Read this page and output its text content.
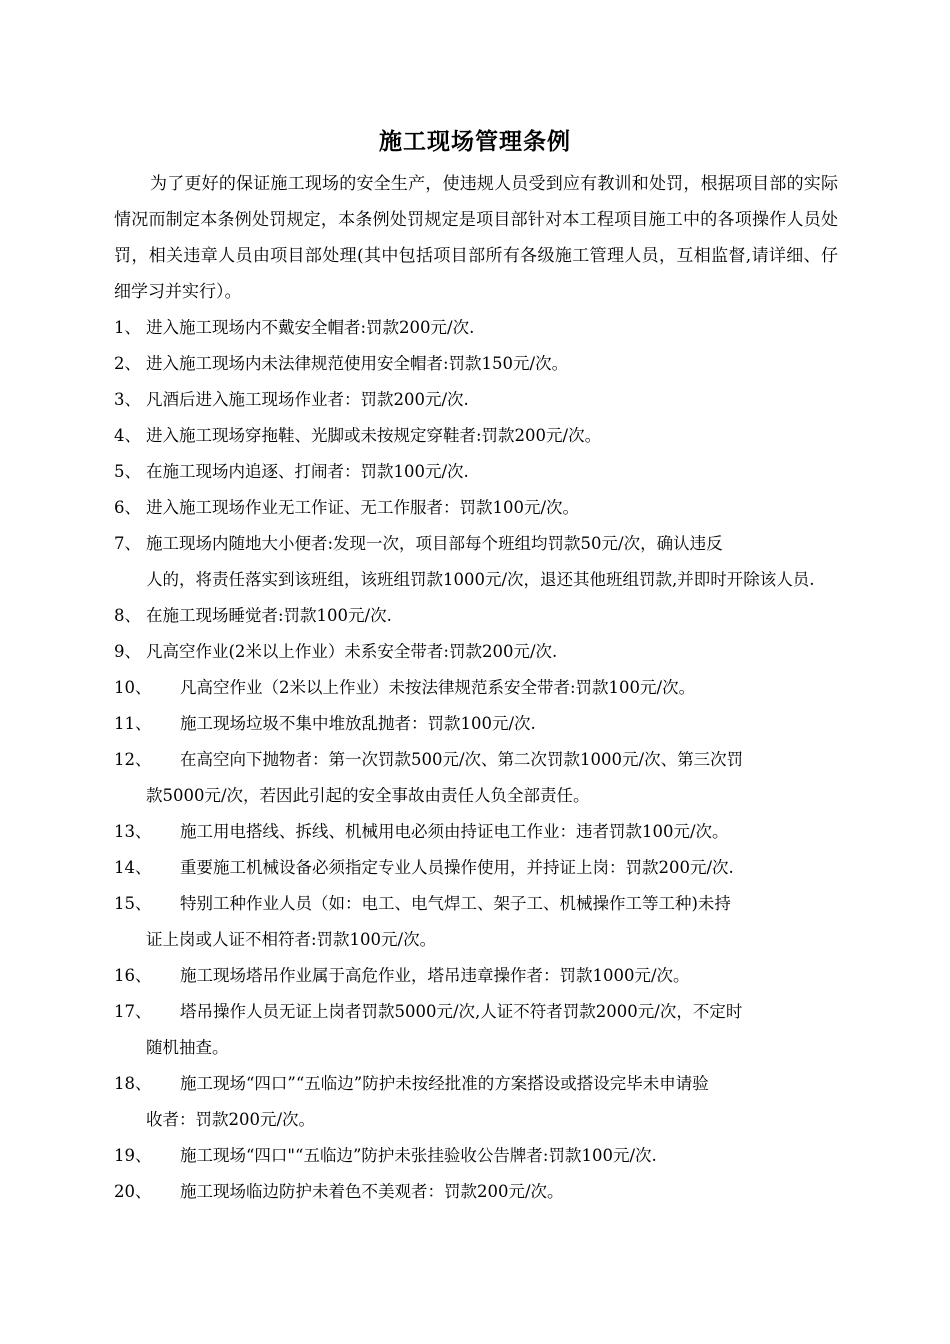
施工现场管理条例

为了更好的保证施工现场的安全生产，使违规人员受到应有教训和处罚，根据项目部的实际情况而制定本条例处罚规定，本条例处罚规定是项目部针对本工程项目施工中的各项操作人员处罚，相关违章人员由项目部处理(其中包括项目部所有各级施工管理人员，互相监督,请详细、仔细学习并实行）。

1、 进入施工现场内不戴安全帽者:罚款200元/次.
2、 进入施工现场内未法律规范使用安全帽者:罚款150元/次。
3、 凡酒后进入施工现场作业者：罚款200元/次.
4、 进入施工现场穿拖鞋、光脚或未按规定穿鞋者:罚款200元/次。
5、 在施工现场内追逐、打闹者：罚款100元/次.
6、 进入施工现场作业无工作证、无工作服者：罚款100元/次。
7、 施工现场内随地大小便者:发现一次，项目部每个班组均罚款50元/次，确认违反
人的，将责任落实到该班组，该班组罚款1000元/次，退还其他班组罚款,并即时开除该人员.
8、 在施工现场睡觉者:罚款100元/次.
9、 凡高空作业(2米以上作业）未系安全带者:罚款200元/次.
10、 凡高空作业（2米以上作业）未按法律规范系安全带者:罚款100元/次。
11、 施工现场垃圾不集中堆放乱抛者：罚款100元/次.
12、	在高空向下抛物者：第一次罚款500元/次、第二次罚款1000元/次、第三次罚
款5000元/次，若因此引起的安全事故由责任人负全部责任。
13、 施工用电搭线、拆线、机械用电必须由持证电工作业：违者罚款100元/次。
14、 重要施工机械设备必须指定专业人员操作使用，并持证上岗：罚款200元/次.
15、	特别工种作业人员（如：电工、电气焊工、架子工、机械操作工等工种)未持
证上岗或人证不相符者:罚款100元/次。
16、 施工现场塔吊作业属于高危作业，塔吊违章操作者：罚款1000元/次。
17、	塔吊操作人员无证上岗者罚款5000元/次,人证不符者罚款2000元/次，不定时
随机抽查。
18、	施工现场“四口”“五临边”防护未按经批准的方案搭设或搭设完毕未申请验
收者：罚款200元/次。
19、 施工现场“四口"“五临边”防护未张挂验收公告牌者:罚款100元/次.
20、 施工现场临边防护未着色不美观者：罚款200元/次。
